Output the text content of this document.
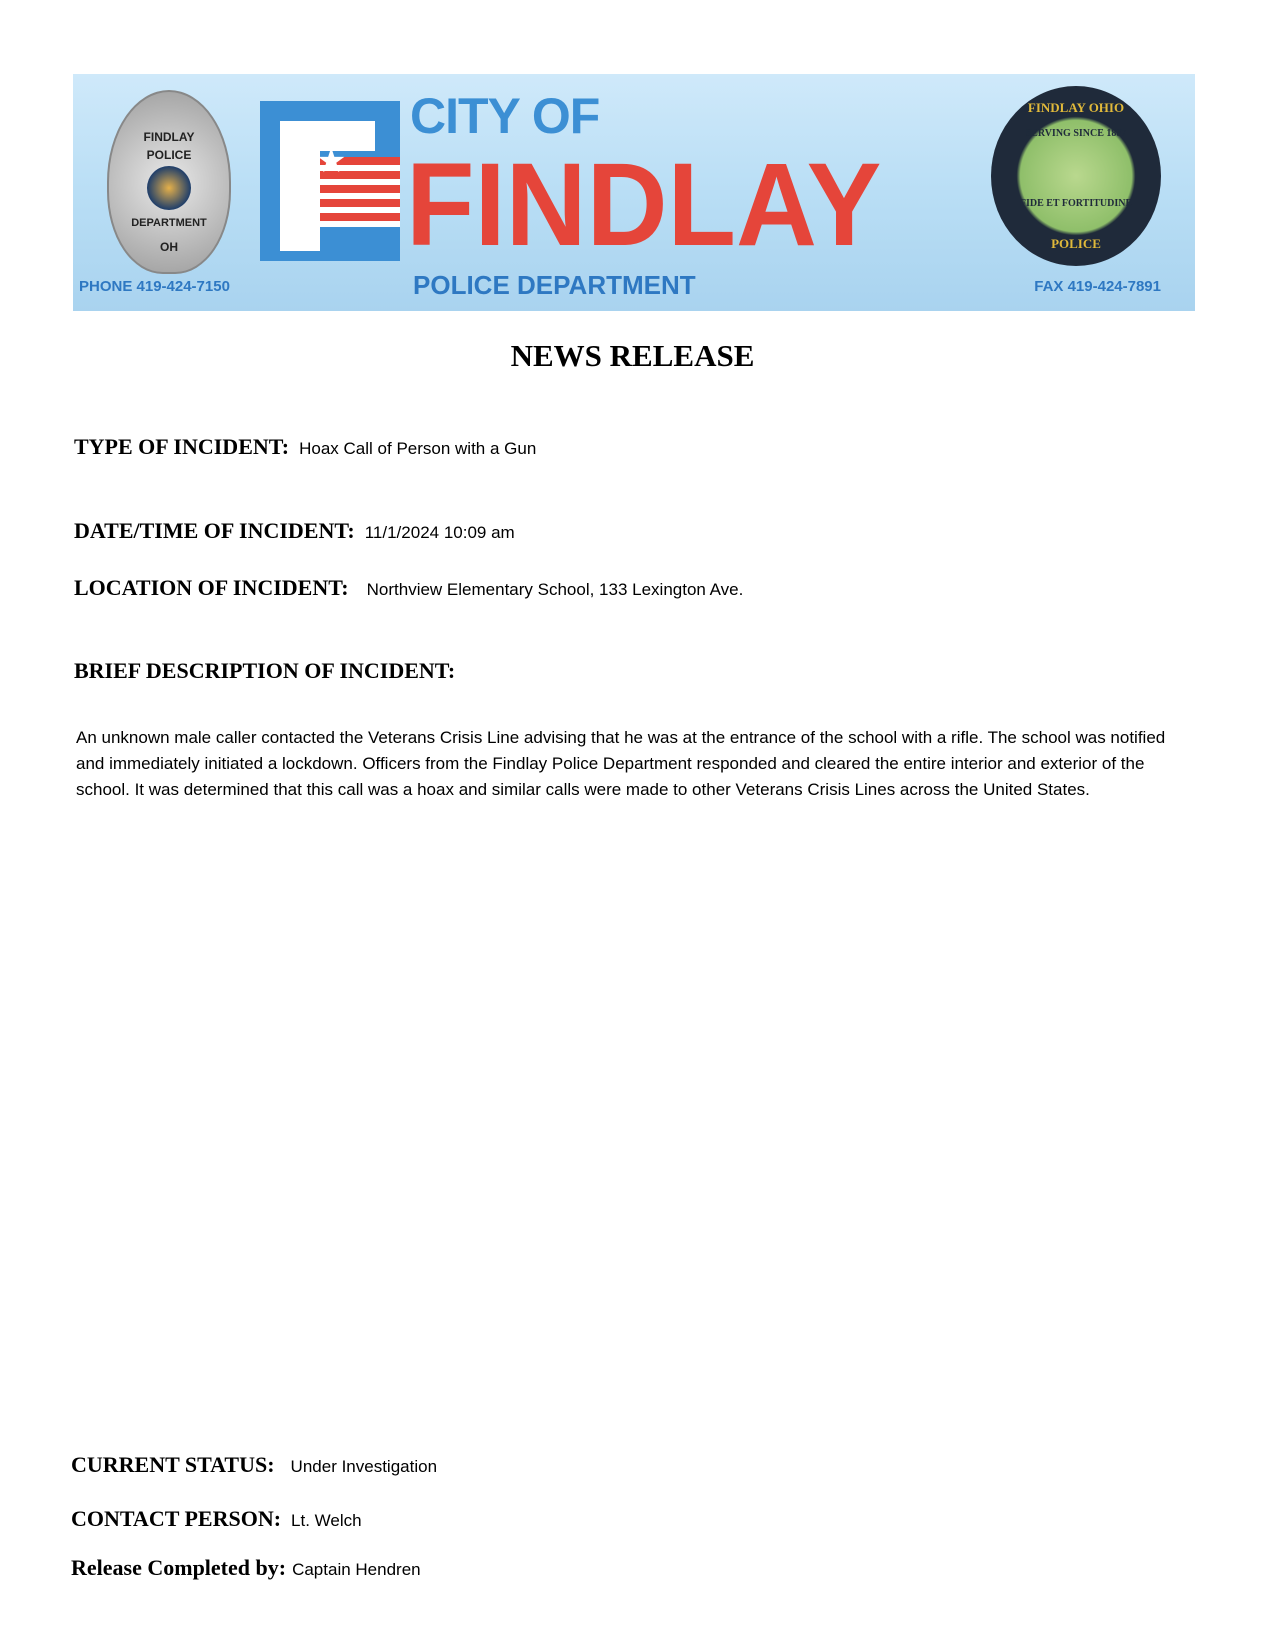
FINDLAY
POLICE
DEPARTMENT
OH
★
CITY OF
FINDLAY
POLICE DEPARTMENT
PHONE 419-424-7150	FAX 419-424-7891
FINDLAY OHIO
SERVING SINCE 1887
FIDE ET FORTITUDINE
POLICE
NEWS RELEASE
TYPE OF INCIDENT: Hoax Call of Person with a Gun
DATE/TIME OF INCIDENT: 11/1/2024 10:09 am
LOCATION OF INCIDENT: Northview Elementary School, 133 Lexington Ave.
BRIEF DESCRIPTION OF INCIDENT:
An unknown male caller contacted the Veterans Crisis Line advising that he was at the entrance of the school with a rifle. The school was notified and immediately initiated a lockdown. Officers from the Findlay Police Department responded and cleared the entire interior and exterior of the school. It was determined that this call was a hoax and similar calls were made to other Veterans Crisis Lines across the United States.
CURRENT STATUS: Under Investigation
CONTACT PERSON: Lt. Welch
Release Completed by: Captain Hendren
